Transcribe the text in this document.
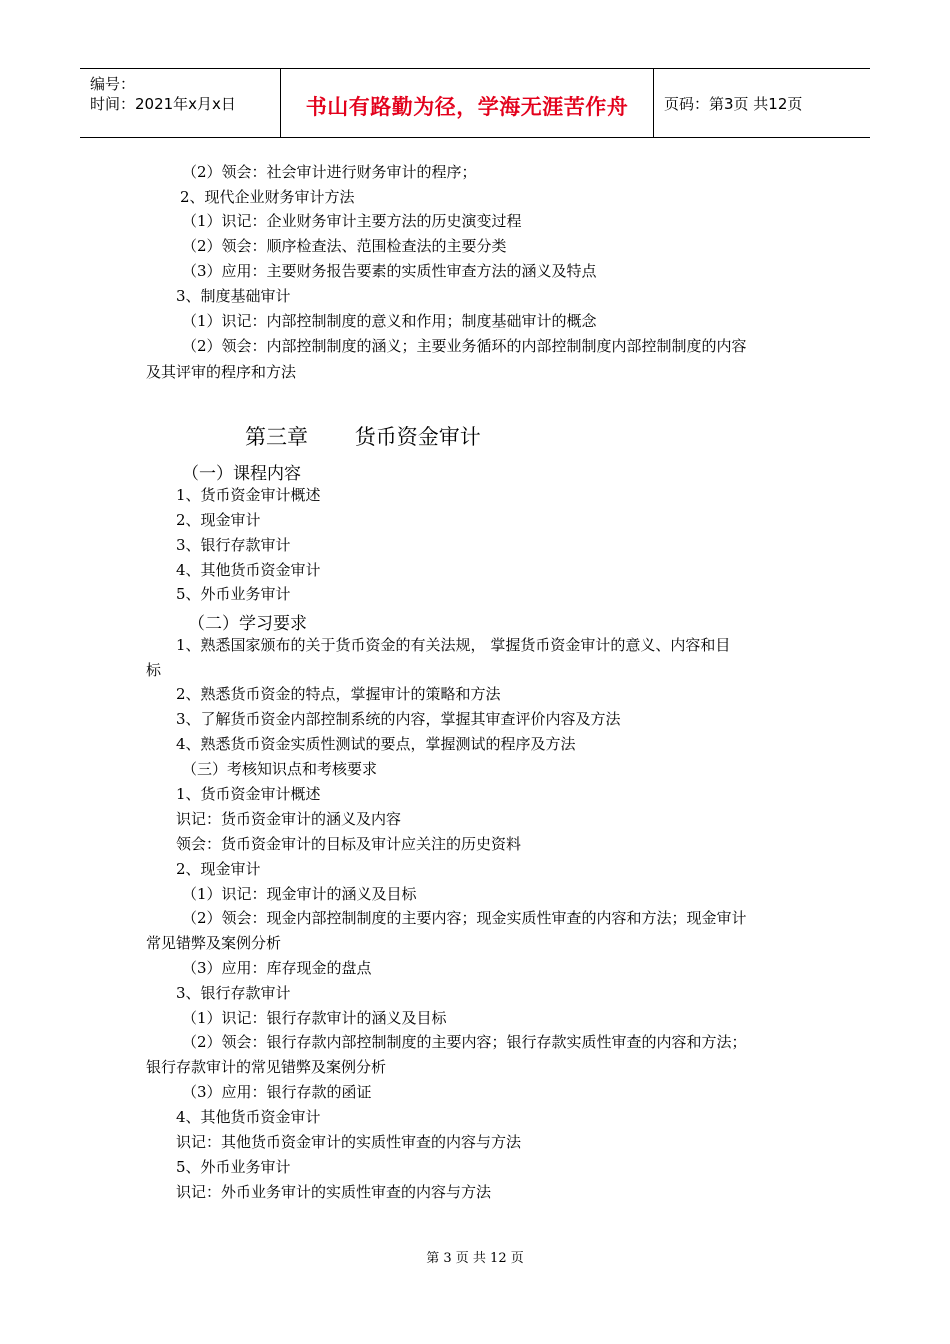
编号：
时间：2021年x月x日	书山有路勤为径，学海无涯苦作舟	页码：第3页 共12页
（2）领会：社会审计进行财务审计的程序；
2、现代企业财务审计方法
（1）识记：企业财务审计主要方法的历史演变过程
（2）领会：顺序检查法、范围检查法的主要分类
（3）应用：主要财务报告要素的实质性审查方法的涵义及特点
3、制度基础审计
（1）识记：内部控制制度的意义和作用；制度基础审计的概念
（2）领会：内部控制制度的涵义；主要业务循环的内部控制制度内部控制制度的内容
及其评审的程序和方法
第三章 货币资金审计
（一）课程内容
1、货币资金审计概述
2、现金审计
3、银行存款审计
4、其他货币资金审计
5、外币业务审计
（二）学习要求
1、熟悉国家颁布的关于货币资金的有关法规， 掌握货币资金审计的意义、内容和目
标
2、熟悉货币资金的特点，掌握审计的策略和方法
3、了解货币资金内部控制系统的内容，掌握其审查评价内容及方法
4、熟悉货币资金实质性测试的要点，掌握测试的程序及方法
（三）考核知识点和考核要求
1、货币资金审计概述
识记：货币资金审计的涵义及内容
领会：货币资金审计的目标及审计应关注的历史资料
2、现金审计
（1）识记：现金审计的涵义及目标
（2）领会：现金内部控制制度的主要内容；现金实质性审查的内容和方法；现金审计
常见错弊及案例分析
（3）应用：库存现金的盘点
3、银行存款审计
（1）识记：银行存款审计的涵义及目标
（2）领会：银行存款内部控制制度的主要内容；银行存款实质性审查的内容和方法；
银行存款审计的常见错弊及案例分析
（3）应用：银行存款的函证
4、其他货币资金审计
识记：其他货币资金审计的实质性审查的内容与方法
5、外币业务审计
识记：外币业务审计的实质性审查的内容与方法
第 3 页 共 12 页
